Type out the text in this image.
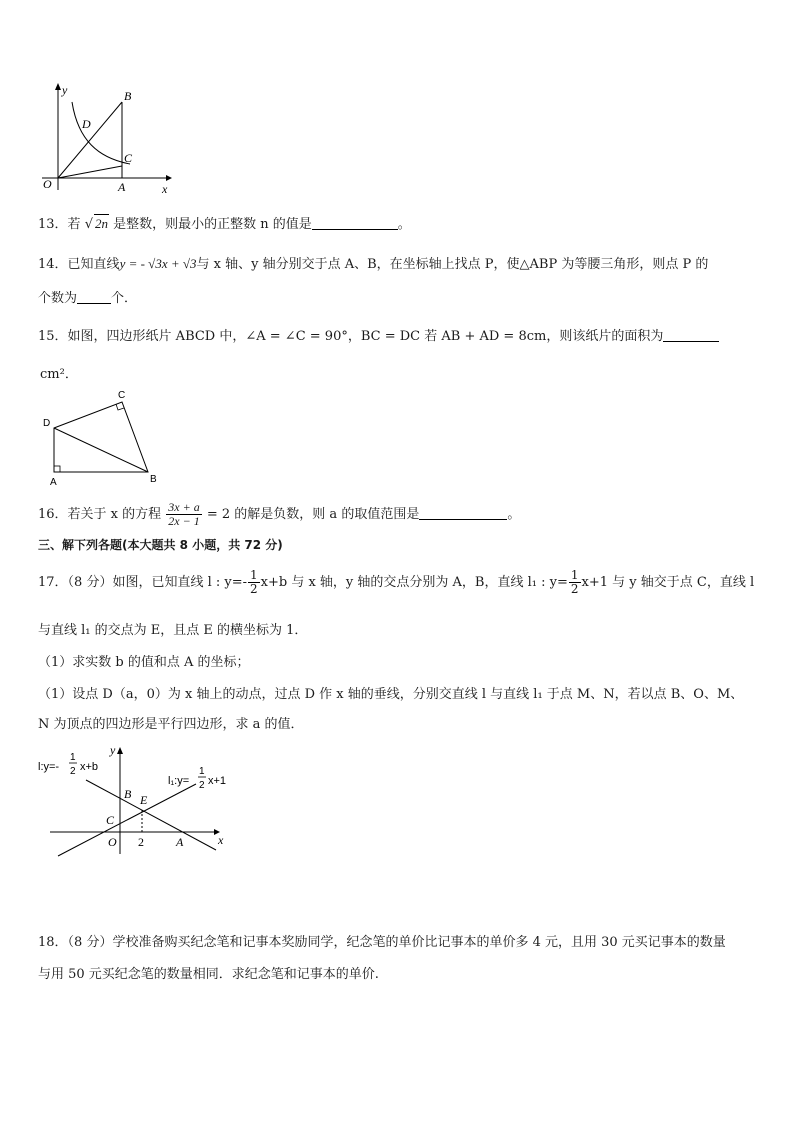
y	B
D
C
O	A	x
13．若 √ 2n 是整数，则最小的正整数 n 的值是	。
14．已知直线y = - √3x + √3与 x 轴、y 轴分别交于点 A、B，在坐标轴上找点 P，使△ABP 为等腰三角形，则点 P 的
个数为	个．
15．如图，四边形纸片 ABCD 中，∠A = ∠C = 90°，BC = DC 若 AB + AD = 8cm，则该纸片的面积为
cm²．
C
D
A	B
16．若关于 x 的方程 $\frac{3x + a}{2x - 1} = 2$ 的解是负数，则 a 的取值范围是	。
三、解下列各题(本大题共 8 小题，共 72 分)
17．（8 分）如图，已知直线 l : $y=- \frac{1}{2} x+b$ 与 x 轴，y 轴的交点分别为 A，B，直线 l₁ : $y= \frac{1}{2} x+1$ 与 y 轴交于点 C，直线 l
与直线 l₁ 的交点为 E，且点 E 的横坐标为 1．
（1）求实数 b 的值和点 A 的坐标；
（1）设点 D（a，0）为 x 轴上的动点，过点 D 作 x 轴的垂线，分别交直线 l 与直线 l₁ 于点 M、N，若以点 B、O、M、
N 为顶点的四边形是平行四边形，求 a 的值．
l:y=-
1
2 x+b
l₁:y=
1
2 x+1
y
B E
C
O 2	A	x
18．（8 分）学校准备购买纪念笔和记事本奖励同学，纪念笔的单价比记事本的单价多 4 元，且用 30 元买记事本的数量
与用 50 元买纪念笔的数量相同．求纪念笔和记事本的单价.
